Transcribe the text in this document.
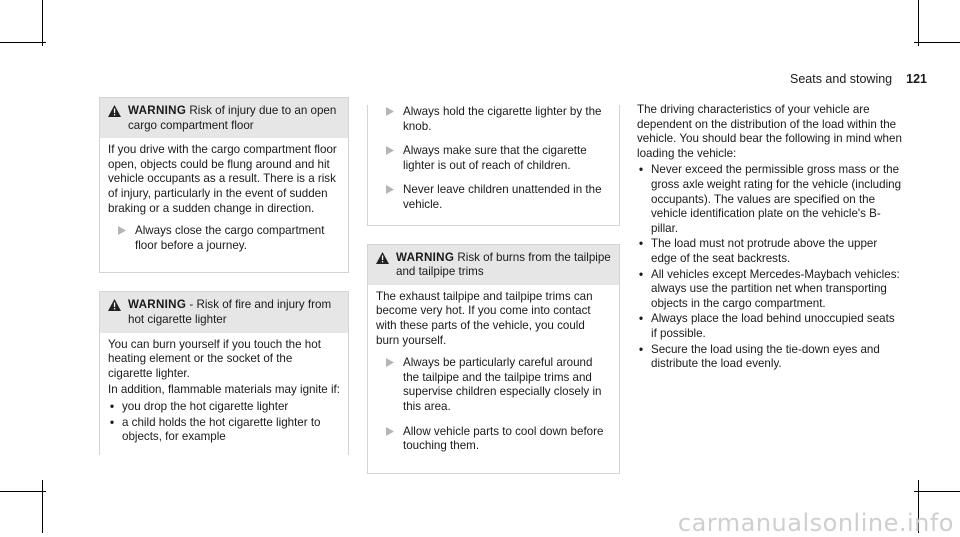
Seats and stowing 121
WARNING Risk of injury due to an open cargo compartment floor

If you drive with the cargo compartment floor open, objects could be flung around and hit vehicle occupants as a result. There is a risk of injury, particularly in the event of sudden braking or a sudden change in direction.

Always close the cargo compartment floor before a journey.
WARNING - Risk of fire and injury from hot cigarette lighter

You can burn yourself if you touch the hot heating element or the socket of the cigarette lighter.

In addition, flammable materials may ignite if:

• you drop the hot cigarette lighter
• a child holds the hot cigarette lighter to objects, for example
Always hold the cigarette lighter by the knob.
Always make sure that the cigarette lighter is out of reach of children.
Never leave children unattended in the vehicle.
WARNING Risk of burns from the tailpipe and tailpipe trims

The exhaust tailpipe and tailpipe trims can become very hot. If you come into contact with these parts of the vehicle, you could burn yourself.

Always be particularly careful around the tailpipe and the tailpipe trims and supervise children especially closely in this area.
Allow vehicle parts to cool down before touching them.

The driving characteristics of your vehicle are dependent on the distribution of the load within the vehicle. You should bear the following in mind when loading the vehicle:

• Never exceed the permissible gross mass or the gross axle weight rating for the vehicle (including occupants). The values are specified on the vehicle identification plate on the vehicle's B-pillar.
• The load must not protrude above the upper edge of the seat backrests.
• All vehicles except Mercedes-Maybach vehicles: always use the partition net when transporting objects in the cargo compartment.
• Always place the load behind unoccupied seats if possible.
• Secure the load using the tie-down eyes and distribute the load evenly.
carmanualsonline.info
